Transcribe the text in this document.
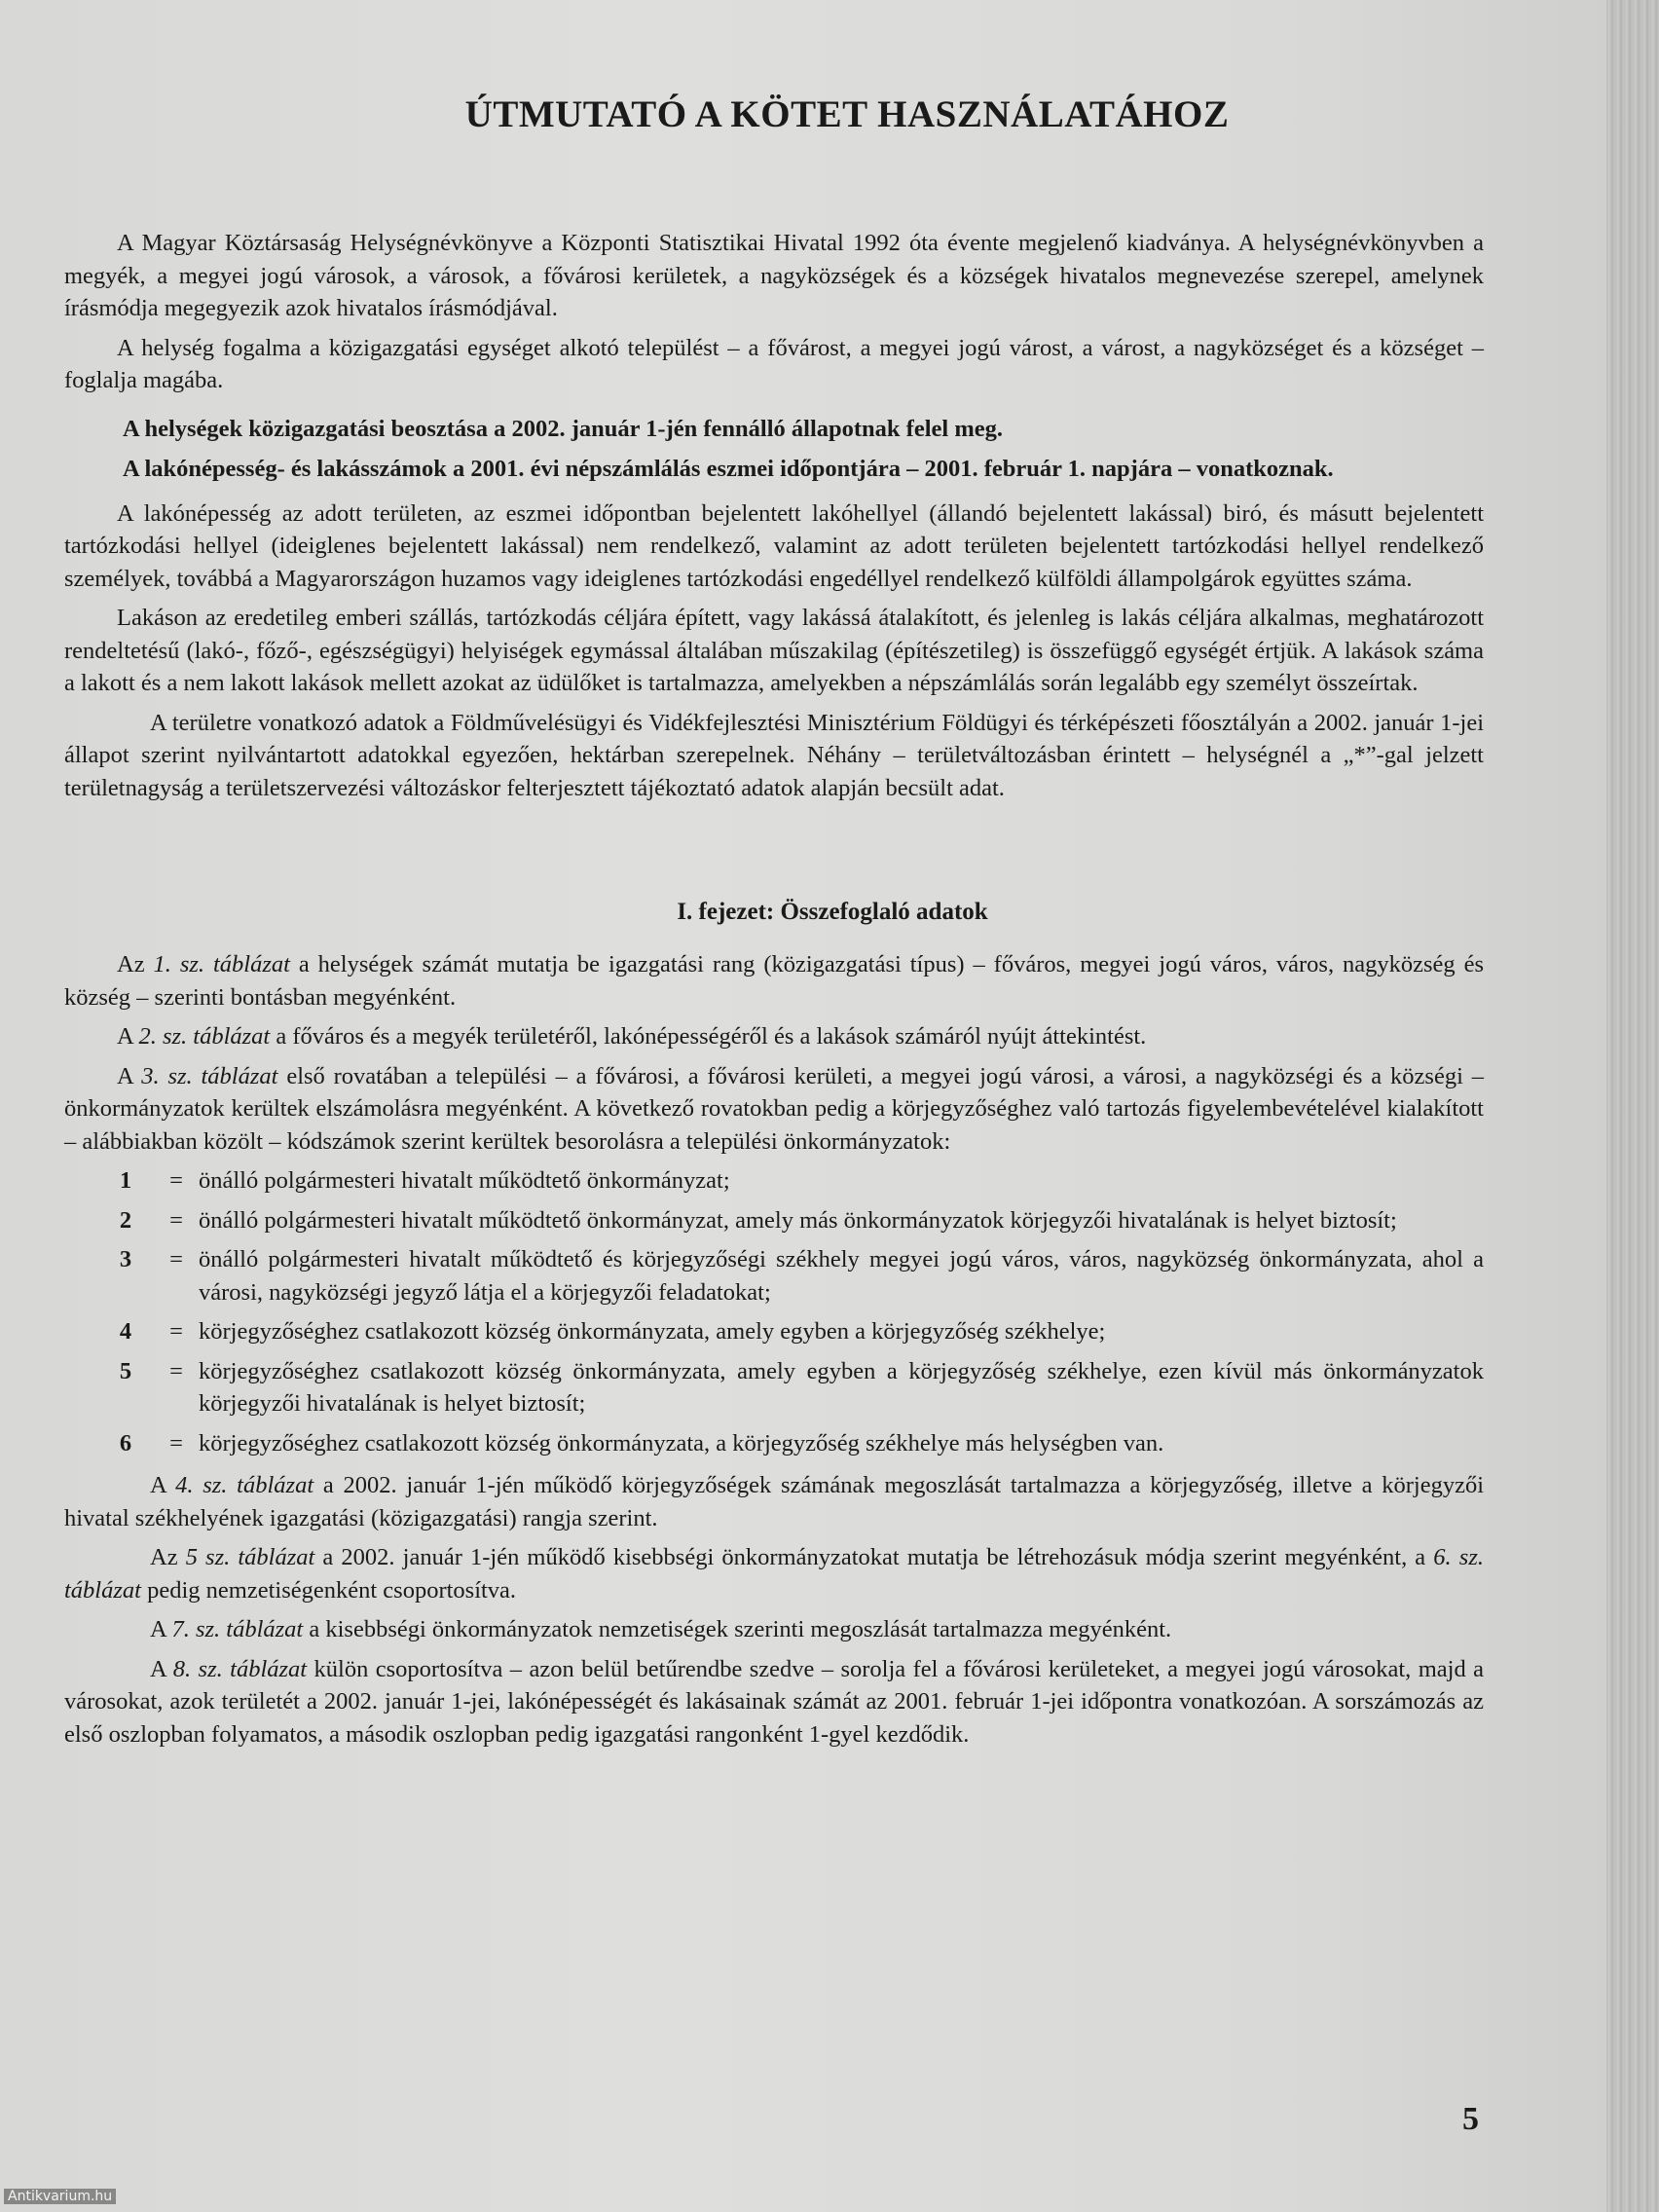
ÚTMUTATÓ A KÖTET HASZNÁLATÁHOZ

A Magyar Köztársaság Helységnévkönyve a Központi Statisztikai Hivatal 1992 óta évente megjelenő kiadványa. A helységnévkönyvben a megyék, a megyei jogú városok, a városok, a fővárosi kerületek, a nagyközségek és a községek hivatalos megnevezése szerepel, amelynek írásmódja megegyezik azok hivatalos írásmódjával.

A helység fogalma a közigazgatási egységet alkotó települést – a fővárost, a megyei jogú várost, a várost, a nagyközséget és a községet – foglalja magába.

A helységek közigazgatási beosztása a 2002. január 1-jén fennálló állapotnak felel meg.

A lakónépesség- és lakásszámok a 2001. évi népszámlálás eszmei időpontjára – 2001. február 1. napjára – vonatkoznak.

A lakónépesség az adott területen, az eszmei időpontban bejelentett lakóhellyel (állandó bejelentett lakással) biró, és másutt bejelentett tartózkodási hellyel (ideiglenes bejelentett lakással) nem rendelkező, valamint az adott területen bejelentett tartózkodási hellyel rendelkező személyek, továbbá a Magyarországon huzamos vagy ideiglenes tartózkodási engedéllyel rendelkező külföldi állampolgárok együttes száma.

Lakáson az eredetileg emberi szállás, tartózkodás céljára épített, vagy lakássá átalakított, és jelenleg is lakás céljára alkalmas, meghatározott rendeltetésű (lakó-, főző-, egészségügyi) helyiségek egymással általában műszakilag (építészetileg) is összefüggő egységét értjük. A lakások száma a lakott és a nem lakott lakások mellett azokat az üdülőket is tartalmazza, amelyekben a népszámlálás során legalább egy személyt összeírtak.

A területre vonatkozó adatok a Földművelésügyi és Vidékfejlesztési Minisztérium Földügyi és térképészeti főosztályán a 2002. január 1-jei állapot szerint nyilvántartott adatokkal egyezően, hektárban szerepelnek. Néhány – területváltozásban érintett – helységnél a „*”-gal jelzett területnagyság a területszervezési változáskor felterjesztett tájékoztató adatok alapján becsült adat.

I. fejezet: Összefoglaló adatok

Az 1. sz. táblázat a helységek számát mutatja be igazgatási rang (közigazgatási típus) – főváros, megyei jogú város, város, nagyközség és község – szerinti bontásban megyénként.

A 2. sz. táblázat a főváros és a megyék területéről, lakónépességéről és a lakások számáról nyújt áttekintést.

A 3. sz. táblázat első rovatában a települési – a fővárosi, a fővárosi kerületi, a megyei jogú városi, a városi, a nagyközségi és a községi – önkormányzatok kerültek elszámolásra megyénként. A következő rovatokban pedig a körjegyzőséghez való tartozás figyelembevételével kialakított – alábbiakban közölt – kódszámok szerint kerültek besorolásra a települési önkormányzatok:

1	= önálló polgármesteri hivatalt működtető önkormányzat;
2	= önálló polgármesteri hivatalt működtető önkormányzat, amely más önkormányzatok körjegyzői hivatalának is helyet biztosít;
3	= önálló polgármesteri hivatalt működtető és körjegyzőségi székhely megyei jogú város, város, nagyközség önkormányzata, ahol a városi, nagyközségi jegyző látja el a körjegyzői feladatokat;
4	= körjegyzőséghez csatlakozott község önkormányzata, amely egyben a körjegyzőség székhelye;
5	= körjegyzőséghez csatlakozott község önkormányzata, amely egyben a körjegyzőség székhelye, ezen kívül más önkormányzatok körjegyzői hivatalának is helyet biztosít;
6	= körjegyzőséghez csatlakozott község önkormányzata, a körjegyzőség székhelye más helységben van.

A 4. sz. táblázat a 2002. január 1-jén működő körjegyzőségek számának megoszlását tartalmazza a körjegyzőség, illetve a körjegyzői hivatal székhelyének igazgatási (közigazgatási) rangja szerint.

Az 5 sz. táblázat a 2002. január 1-jén működő kisebbségi önkormányzatokat mutatja be létrehozásuk módja szerint megyénként, a 6. sz. táblázat pedig nemzetiségenként csoportosítva.

A 7. sz. táblázat a kisebbségi önkormányzatok nemzetiségek szerinti megoszlását tartalmazza megyénként.

A 8. sz. táblázat külön csoportosítva – azon belül betűrendbe szedve – sorolja fel a fővárosi kerületeket, a megyei jogú városokat, majd a városokat, azok területét a 2002. január 1-jei, lakónépességét és lakásainak számát az 2001. február 1-jei időpontra vonatkozóan. A sorszámozás az első oszlopban folyamatos, a második oszlopban pedig igazgatási rangonként 1-gyel kezdődik.

5
Antikvarium.hu
